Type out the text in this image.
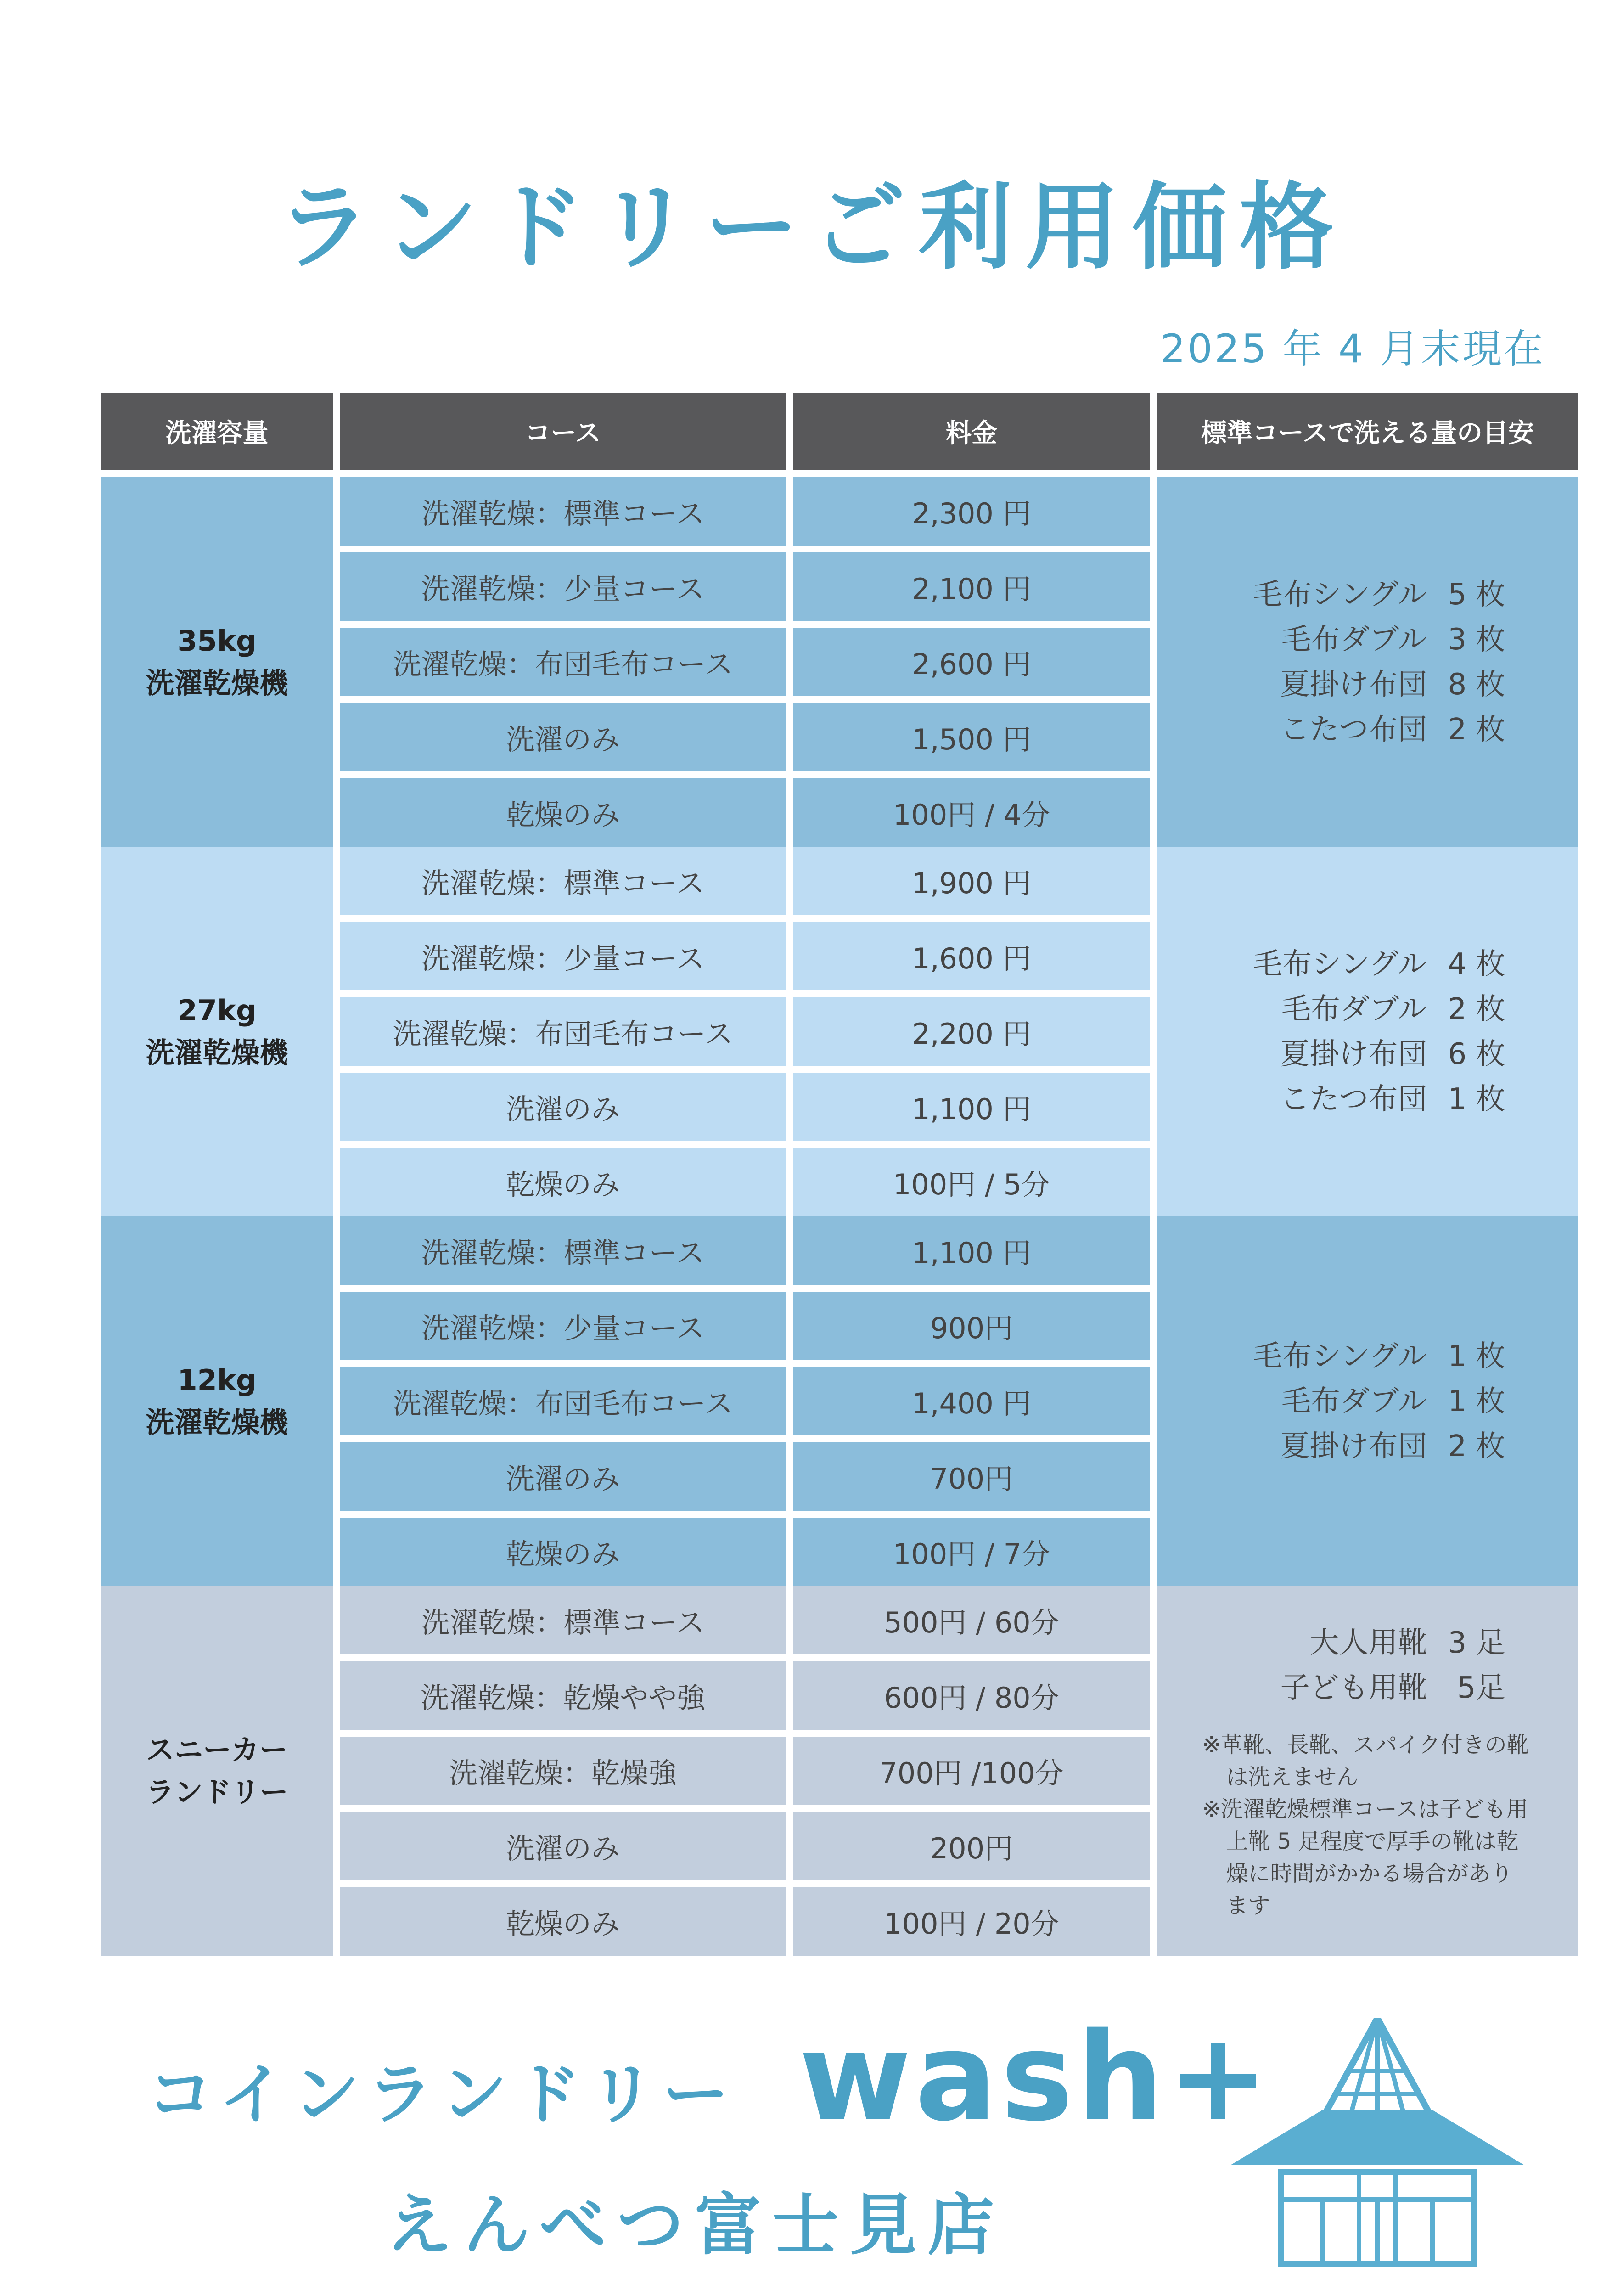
ランドリーご利用価格
2025 年 4 月末現在
洗濯容量	コース	料金	標準コースで洗える量の目安
35kg
洗濯乾燥機
洗濯乾燥：標準コース	2,300 円
洗濯乾燥：少量コース	2,100 円
洗濯乾燥：布団毛布コース	2,600 円
洗濯のみ	1,500 円
乾燥のみ	100円 / 4分
毛布シングル 5 枚
毛布ダブル 3 枚
夏掛け布団 8 枚
こたつ布団 2 枚
27kg
洗濯乾燥機
洗濯乾燥：標準コース	1,900 円
洗濯乾燥：少量コース	1,600 円
洗濯乾燥：布団毛布コース	2,200 円
洗濯のみ	1,100 円
乾燥のみ	100円 / 5分
毛布シングル 4 枚
毛布ダブル 2 枚
夏掛け布団 6 枚
こたつ布団 1 枚
12kg
洗濯乾燥機
洗濯乾燥：標準コース	1,100 円
洗濯乾燥：少量コース	900円
洗濯乾燥：布団毛布コース	1,400 円
洗濯のみ	700円
乾燥のみ	100円 / 7分
毛布シングル 1 枚
毛布ダブル 1 枚
夏掛け布団 2 枚
スニーカー
ランドリー
洗濯乾燥：標準コース	500円 / 60分
洗濯乾燥：乾燥やや強	600円 / 80分
洗濯乾燥：乾燥強	700円 /100分
洗濯のみ	200円
乾燥のみ	100円 / 20分
大人用靴 3 足
子ども用靴	5足

※革靴、長靴、スパイク付きの靴は洗えません

※洗濯乾燥標準コースは子ども用上靴 5 足程度で厚手の靴は乾燥に時間がかかる場合があります

コインランドリー wash+
えんべつ富士見店
